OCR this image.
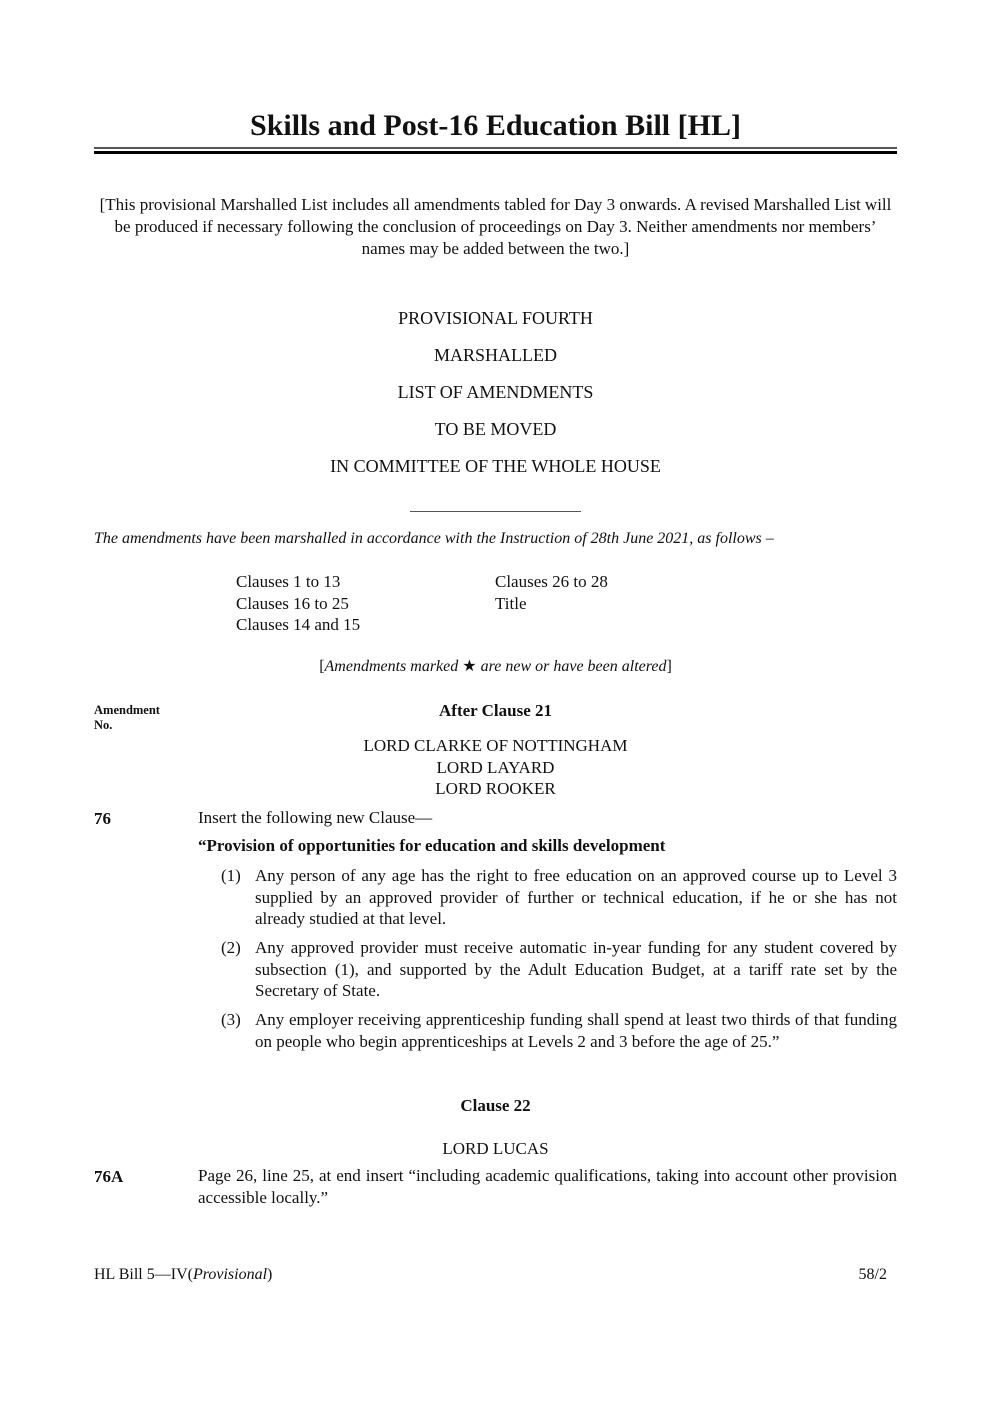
Skills and Post-16 Education Bill [HL]
[This provisional Marshalled List includes all amendments tabled for Day 3 onwards. A revised Marshalled List will be produced if necessary following the conclusion of proceedings on Day 3. Neither amendments nor members’ names may be added between the two.]
PROVISIONAL FOURTH
MARSHALLED
LIST OF AMENDMENTS
TO BE MOVED
IN COMMITTEE OF THE WHOLE HOUSE
The amendments have been marshalled in accordance with the Instruction of 28th June 2021, as follows –
Clauses 1 to 13	Clauses 26 to 28
Clauses 16 to 25	Title
Clauses 14 and 15
[Amendments marked ★ are new or have been altered]
Amendment
No.
After Clause 21
LORD CLARKE OF NOTTINGHAM
LORD LAYARD
LORD ROOKER
76	Insert the following new Clause—
“Provision of opportunities for education and skills development
(1) Any person of any age has the right to free education on an approved course up to Level 3 supplied by an approved provider of further or technical education, if he or she has not already studied at that level.
(2) Any approved provider must receive automatic in-year funding for any student covered by subsection (1), and supported by the Adult Education Budget, at a tariff rate set by the Secretary of State.
(3) Any employer receiving apprenticeship funding shall spend at least two thirds of that funding on people who begin apprenticeships at Levels 2 and 3 before the age of 25.”
Clause 22
LORD LUCAS
76A	Page 26, line 25, at end insert “including academic qualifications, taking into account other provision accessible locally.”
HL Bill 5—IV(Provisional)	58/2
